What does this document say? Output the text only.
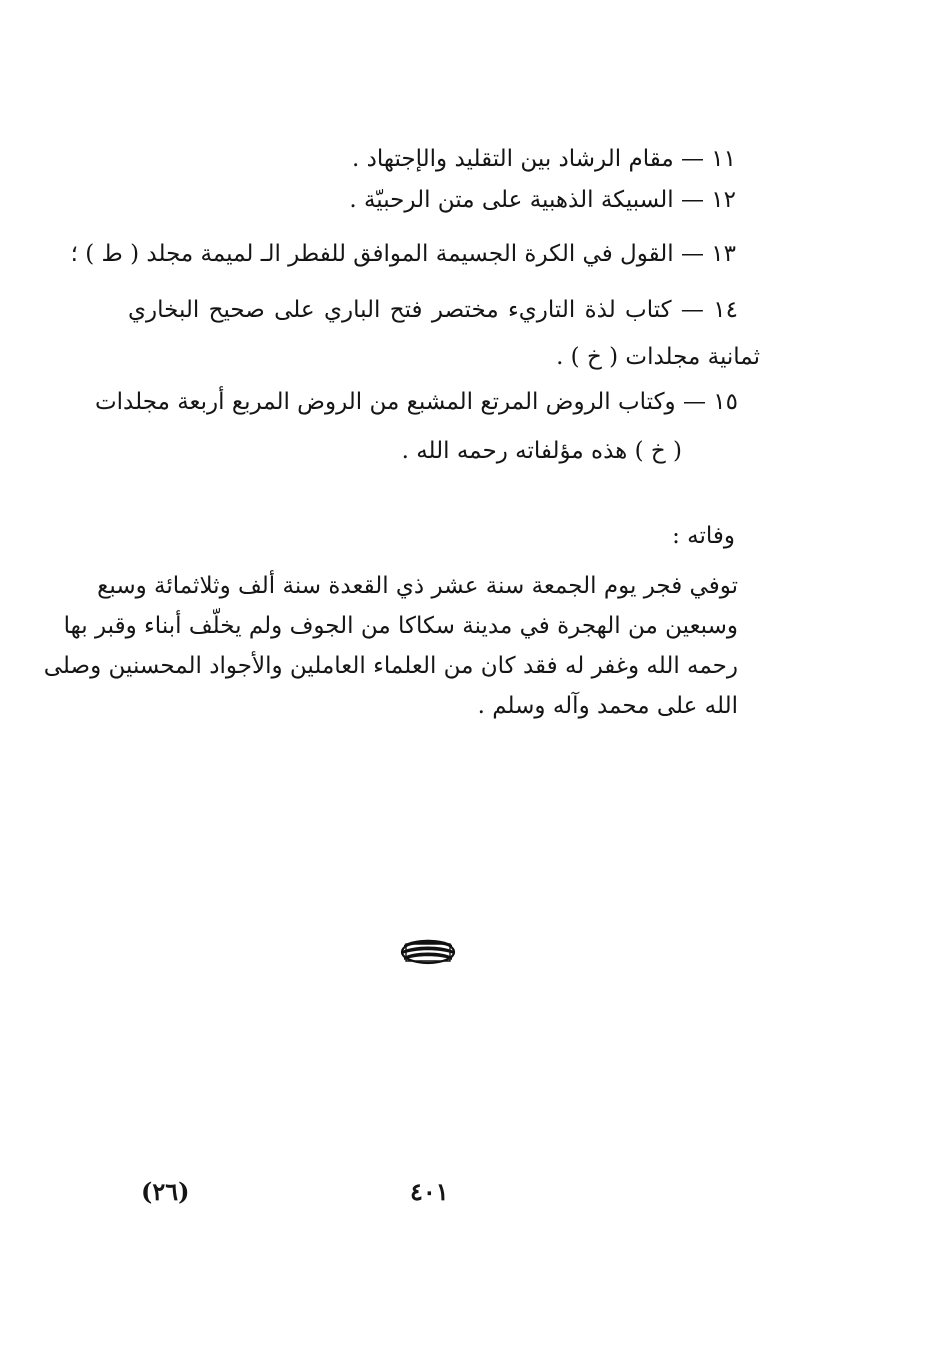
١١ — مقام الرشاد بين التقليد والإجتهاد .
١٢ — السبيكة الذهبية على متن الرحبيّة .
١٣ — القول في الكرة الجسيمة الموافق للفطر الـ لميمة مجلد ( ط ) ؛
١٤ — كتاب لذة التاريء مختصر فتح الباري على صحيح البخاري
ثمانية مجلدات ( خ ) .
١٥ — وكتاب الروض المرتع المشبع من الروض المربع أربعة مجلدات
( خ ) هذه مؤلفاته رحمه الله .
وفاته :
توفي فجر يوم الجمعة سنة عشر ذي القعدة سنة ألف وثلاثمائة وسبع
وسبعين من الهجرة في مدينة سكاكا من الجوف ولم يخلّف أبناء وقبر بها
رحمه الله وغفر له فقد كان من العلماء العاملين والأجواد المحسنين وصلى
الله على محمد وآله وسلم .
(٢٦)	٤٠١
